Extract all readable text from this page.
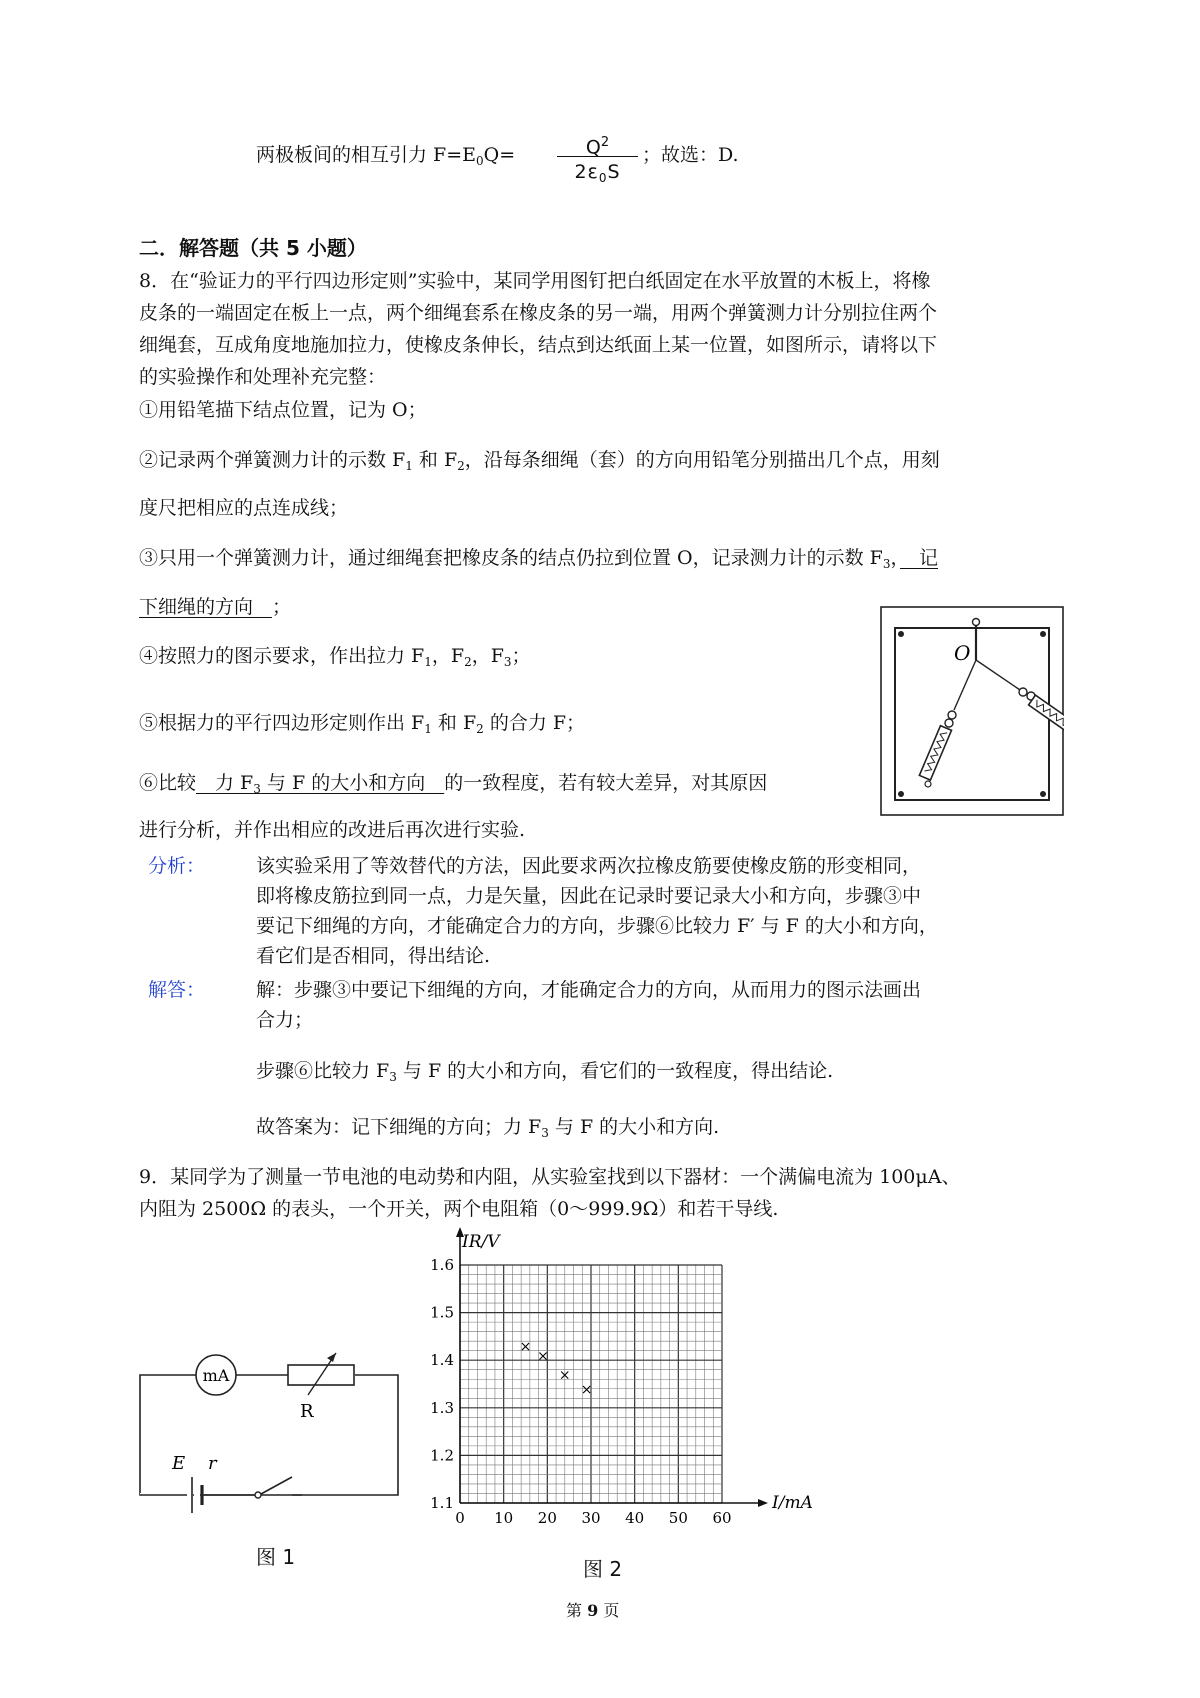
两极板间的相互引力 $F=E_0Q=$	$Q^2$
$2\varepsilon_0S$
；故选：D.
二．解答题（共 5 小题）
8．在“验证力的平行四边形定则”实验中，某同学用图钉把白纸固定在水平放置的木板上，将橡
皮条的一端固定在板上一点，两个细绳套系在橡皮条的另一端，用两个弹簧测力计分别拉住两个
细绳套，互成角度地施加拉力，使橡皮条伸长，结点到达纸面上某一位置，如图所示，请将以下
的实验操作和处理补充完整：
①用铅笔描下结点位置，记为 O；
②记录两个弹簧测力计的示数 $F_1$ 和 $F_2$，沿每条细绳（套）的方向用铅笔分别描出几个点，用刻
度尺把相应的点连成线；
③只用一个弹簧测力计，通过细绳套把橡皮条的结点仍拉到位置 O，记录测力计的示数 $F_3$，　记
下细绳的方向　；
④按照力的图示要求，作出拉力 $F_1$，$F_2$，$F_3$；
⑤根据力的平行四边形定则作出 $F_1$ 和 $F_2$ 的合力 F；
⑥比较　力 $F_3$ 与 F 的大小和方向　的一致程度，若有较大差异，对其原因
进行分析，并作出相应的改进后再次进行实验.
O
分析：	该实验采用了等效替代的方法，因此要求两次拉橡皮筋要使橡皮筋的形变相同，
即将橡皮筋拉到同一点，力是矢量，因此在记录时要记录大小和方向，步骤③中
要记下细绳的方向，才能确定合力的方向，步骤⑥比较力 F′ 与 F 的大小和方向，
看它们是否相同，得出结论.
解答：	解：步骤③中要记下细绳的方向，才能确定合力的方向，从而用力的图示法画出
合力；
步骤⑥比较力 $F_3$ 与 F 的大小和方向，看它们的一致程度，得出结论.
故答案为：记下细绳的方向；力 $F_3$ 与 F 的大小和方向.
9．某同学为了测量一节电池的电动势和内阻，从实验室找到以下器材：一个满偏电流为 100μA、
内阻为 2500Ω 的表头，一个开关，两个电阻箱（0～999.9Ω）和若干导线.
mA
R
E r
图 1
0 10 20 30 40 50 60
1.1
1.2
1.3
1.4
1.5
1.6
×
×
×
×
IR/V
I/mA
图 2
第 9 页
